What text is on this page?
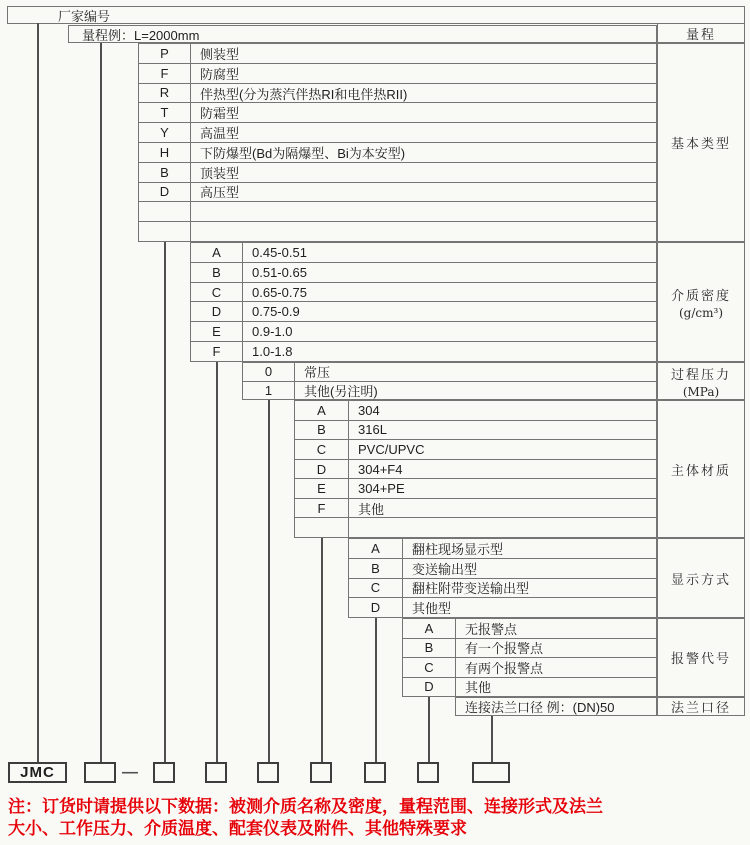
厂家编号
量程例：L=2000mm	量程
注：订货时请提供以下数据：被测介质名称及密度，量程范围、连接形式及法兰
大小、工作压力、介质温度、配套仪表及附件、其他特殊要求
P	侧装型
F	防腐型
R	伴热型(分为蒸汽伴热RI和电伴热RII)
T	防霜型
Y	高温型
H	下防爆型(Bd为隔爆型、Bi为本安型)
B	顶装型
D	高压型
基本类型
A	0.45-0.51
B	0.51-0.65
C	0.65-0.75
D	0.75-0.9
E	0.9-1.0
F	1.0-1.8
介质密度
(g/cm³)
0	常压
1	其他(另注明)
过程压力
(MPa)
A	304
B	316L
C	PVC/UPVC
D	304+F4
E	304+PE
F	其他
主体材质
A	翻柱现场显示型
B	变送输出型
C	翻柱附带变送输出型
D	其他型
显示方式
A	无报警点
B	有一个报警点
C	有两个报警点
D	其他
报警代号
连接法兰口径 例：(DN)50	法兰口径
JMC	—
